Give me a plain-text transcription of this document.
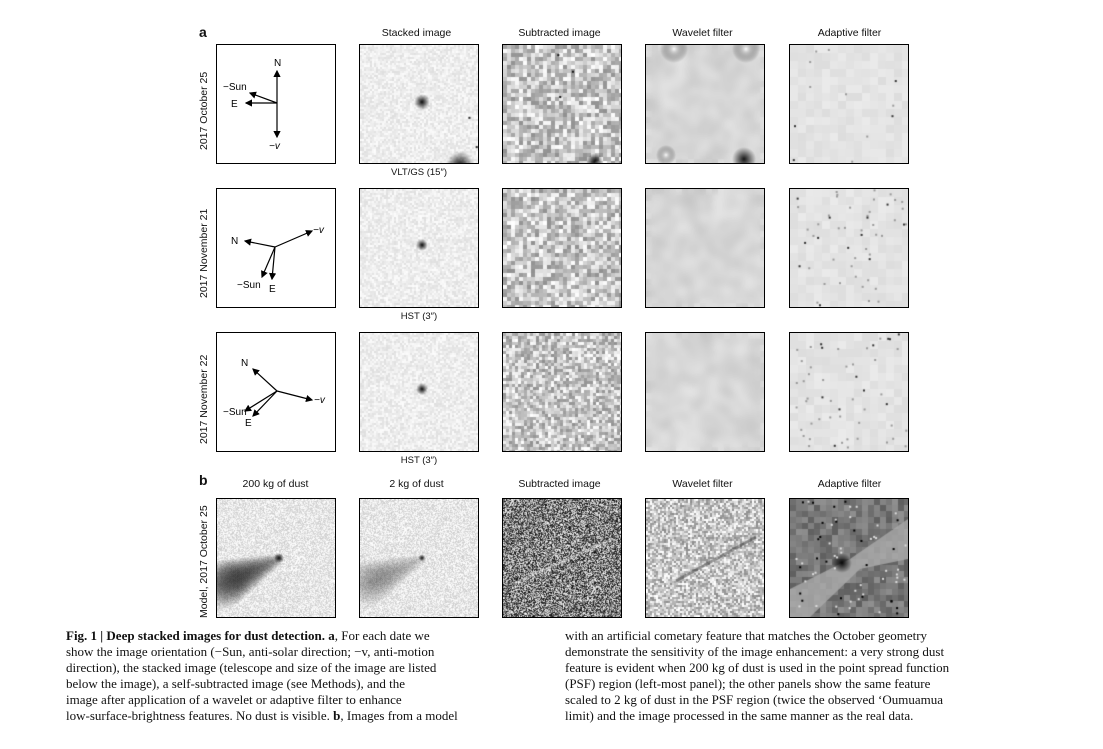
a
b
Stacked image	Subtracted image	Wavelet filter	Adaptive filter
2017 October 25
2017 November 21
2017 November 22
Model, 2017 October 25
N
−Sun
E
−v
N
−v
−Sun E
N
−v
−Sun
E
VLT/GS (15″)
HST (3″)
HST (3″)
200 kg of dust	2 kg of dust	Subtracted image	Wavelet filter	Adaptive filter
Fig. 1 | Deep stacked images for dust detection. a, For each date we
show the image orientation (−Sun, anti-solar direction; −v, anti-motion
direction), the stacked image (telescope and size of the image are listed
below the image), a self-subtracted image (see Methods), and the
image after application of a wavelet or adaptive filter to enhance
low-surface-brightness features. No dust is visible. b, Images from a model
with an artificial cometary feature that matches the October geometry
demonstrate the sensitivity of the image enhancement: a very strong dust
feature is evident when 200 kg of dust is used in the point spread function
(PSF) region (left-most panel); the other panels show the same feature
scaled to 2 kg of dust in the PSF region (twice the observed ‘Oumuamua
limit) and the image processed in the same manner as the real data.
